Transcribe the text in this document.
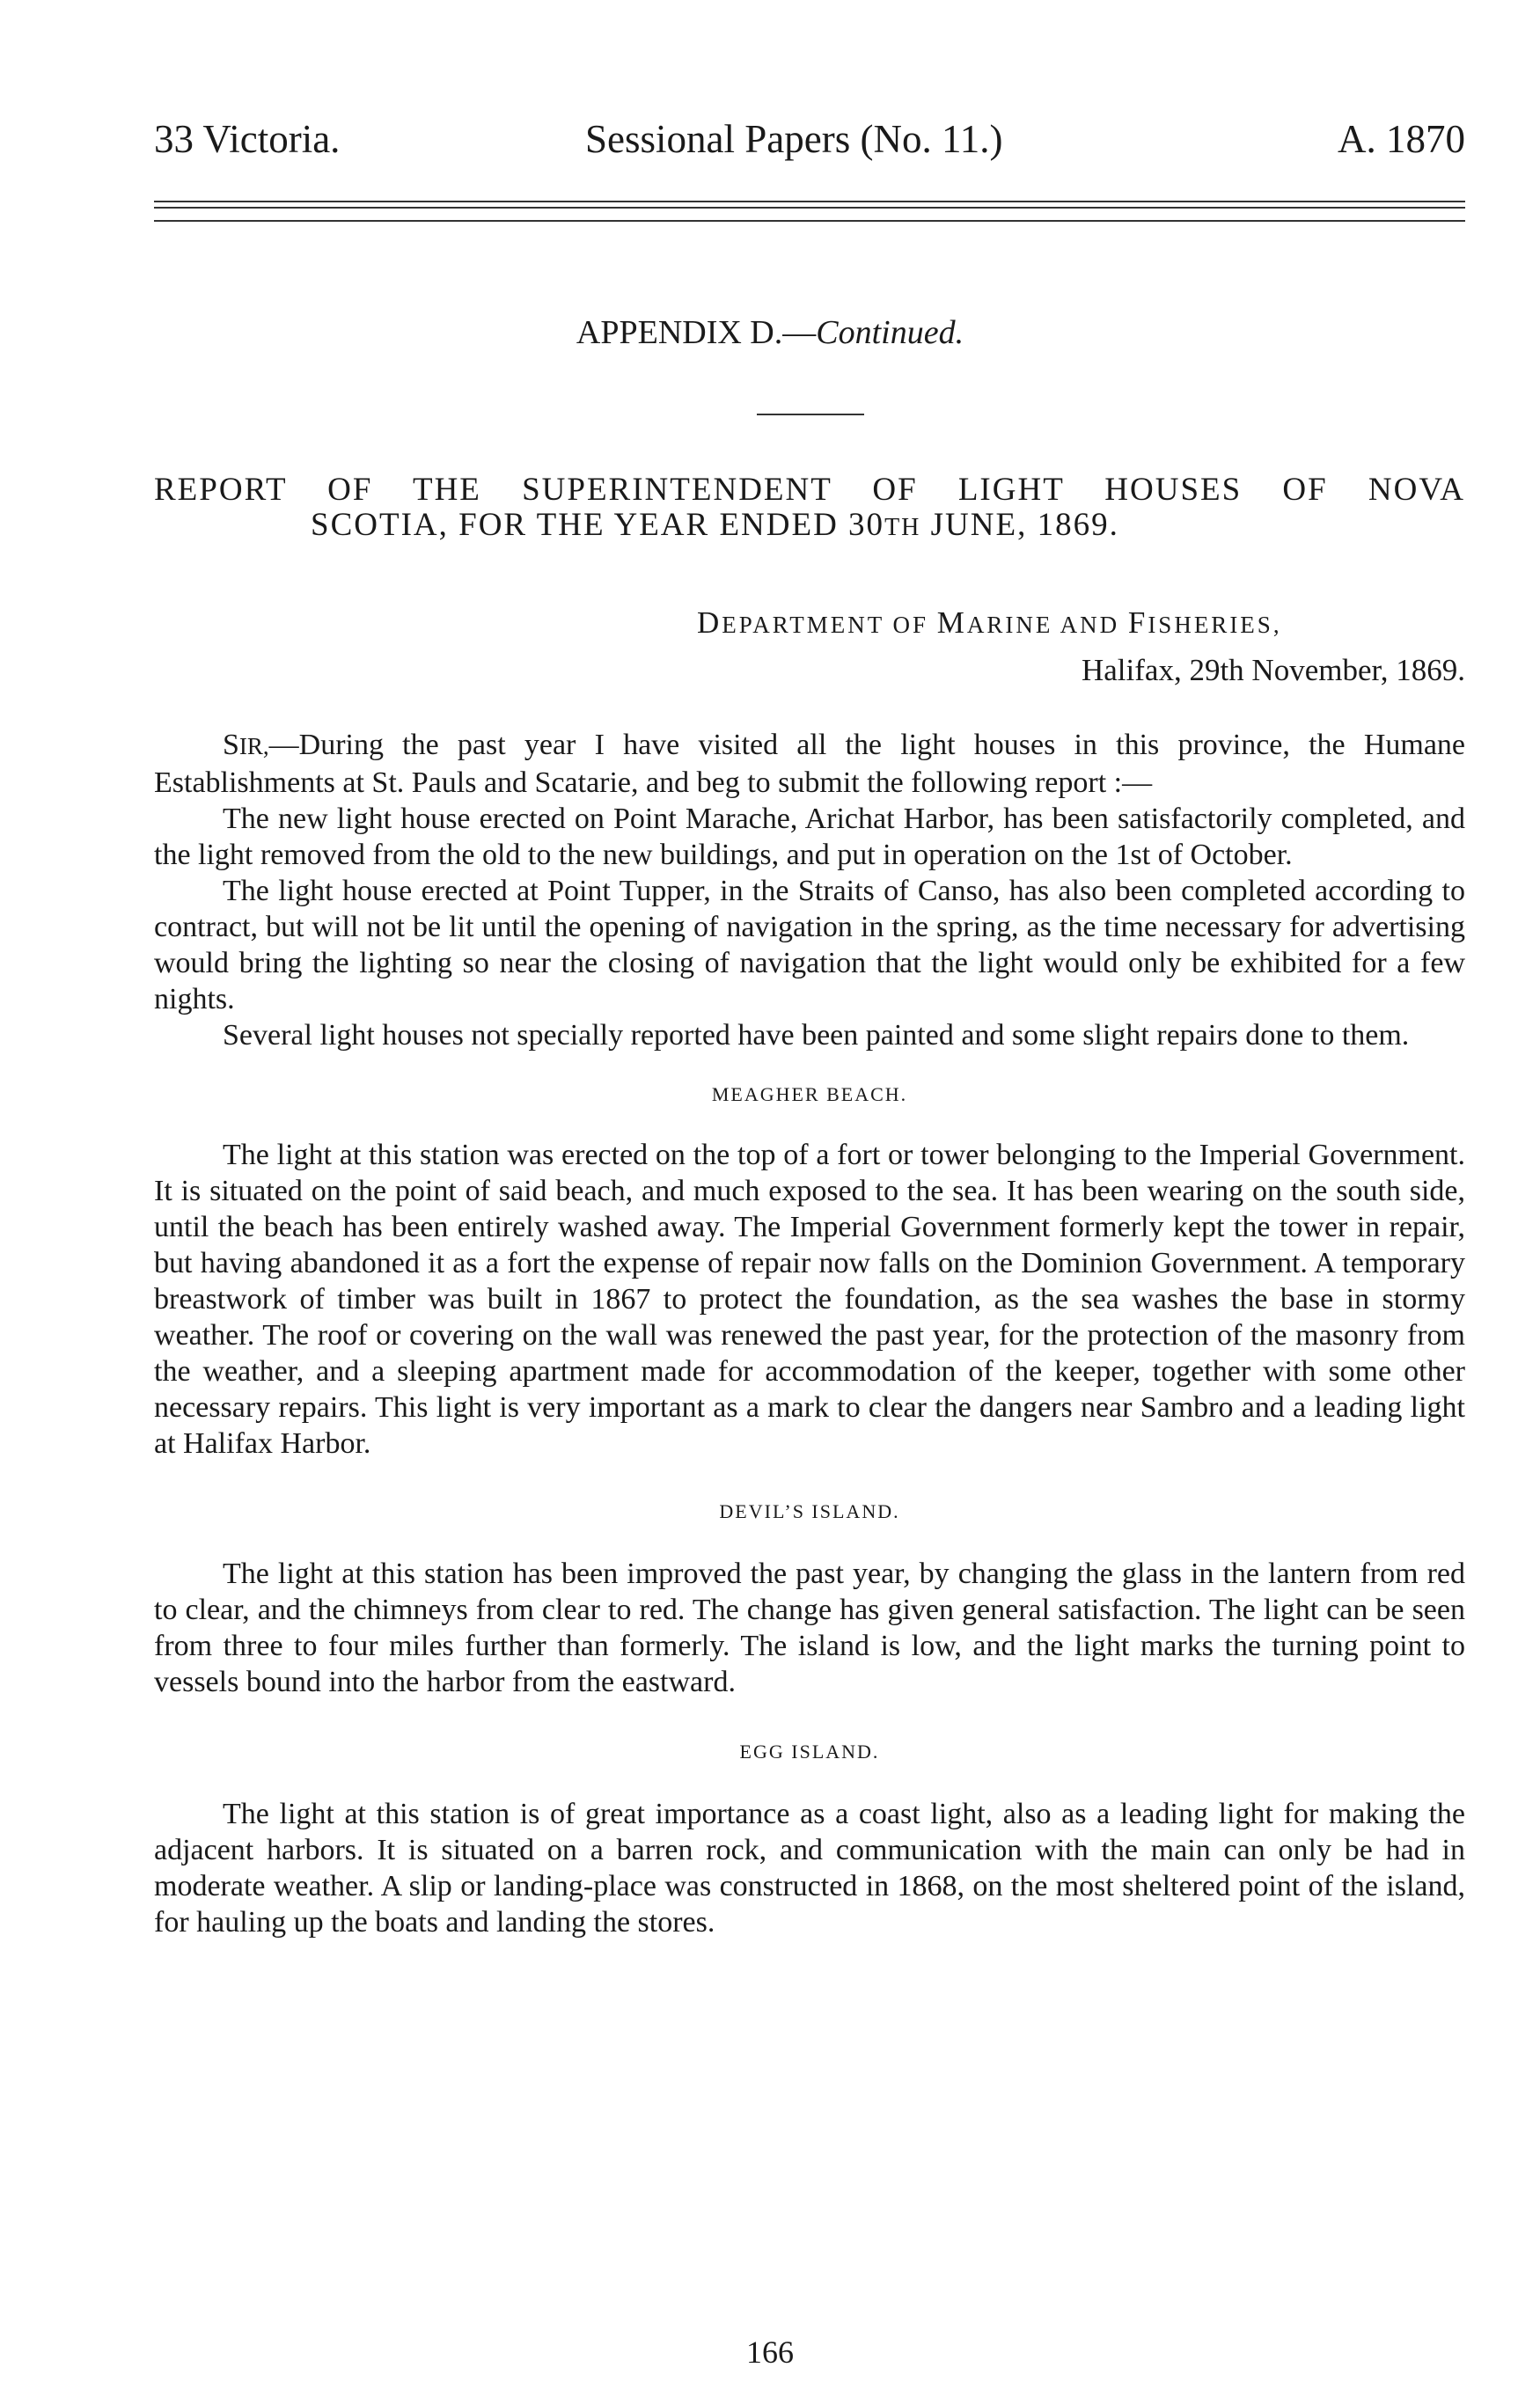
33 Victoria.	Sessional Papers (No. 11.)	A. 1870
APPENDIX D.—Continued.
REPORT OF THE SUPERINTENDENT OF LIGHT HOUSES OF NOVA
SCOTIA, FOR THE YEAR ENDED 30TH JUNE, 1869.
DEPARTMENT OF MARINE AND FISHERIES,
Halifax, 29th November, 1869.

SIR,—During the past year I have visited all the light houses in this province, the Humane Establishments at St. Pauls and Scatarie, and beg to submit the following report :—

The new light house erected on Point Marache, Arichat Harbor, has been satisfactorily completed, and the light removed from the old to the new buildings, and put in operation on the 1st of October.

The light house erected at Point Tupper, in the Straits of Canso, has also been completed according to contract, but will not be lit until the opening of navigation in the spring, as the time necessary for advertising would bring the lighting so near the closing of navigation that the light would only be exhibited for a few nights.

Several light houses not specially reported have been painted and some slight repairs done to them.

MEAGHER BEACH.

The light at this station was erected on the top of a fort or tower belonging to the Imperial Government. It is situated on the point of said beach, and much exposed to the sea. It has been wearing on the south side, until the beach has been entirely washed away. The Imperial Government formerly kept the tower in repair, but having abandoned it as a fort the expense of repair now falls on the Dominion Government. A temporary breastwork of timber was built in 1867 to protect the foundation, as the sea washes the base in stormy weather. The roof or covering on the wall was renewed the past year, for the protection of the masonry from the weather, and a sleeping apartment made for accommodation of the keeper, together with some other necessary repairs. This light is very important as a mark to clear the dangers near Sambro and a leading light at Halifax Harbor.

DEVIL’S ISLAND.

The light at this station has been improved the past year, by changing the glass in the lantern from red to clear, and the chimneys from clear to red. The change has given general satisfaction. The light can be seen from three to four miles further than formerly. The island is low, and the light marks the turning point to vessels bound into the harbor from the eastward.

EGG ISLAND.

The light at this station is of great importance as a coast light, also as a leading light for making the adjacent harbors. It is situated on a barren rock, and communication with the main can only be had in moderate weather. A slip or landing-place was constructed in 1868, on the most sheltered point of the island, for hauling up the boats and landing the stores.

166
